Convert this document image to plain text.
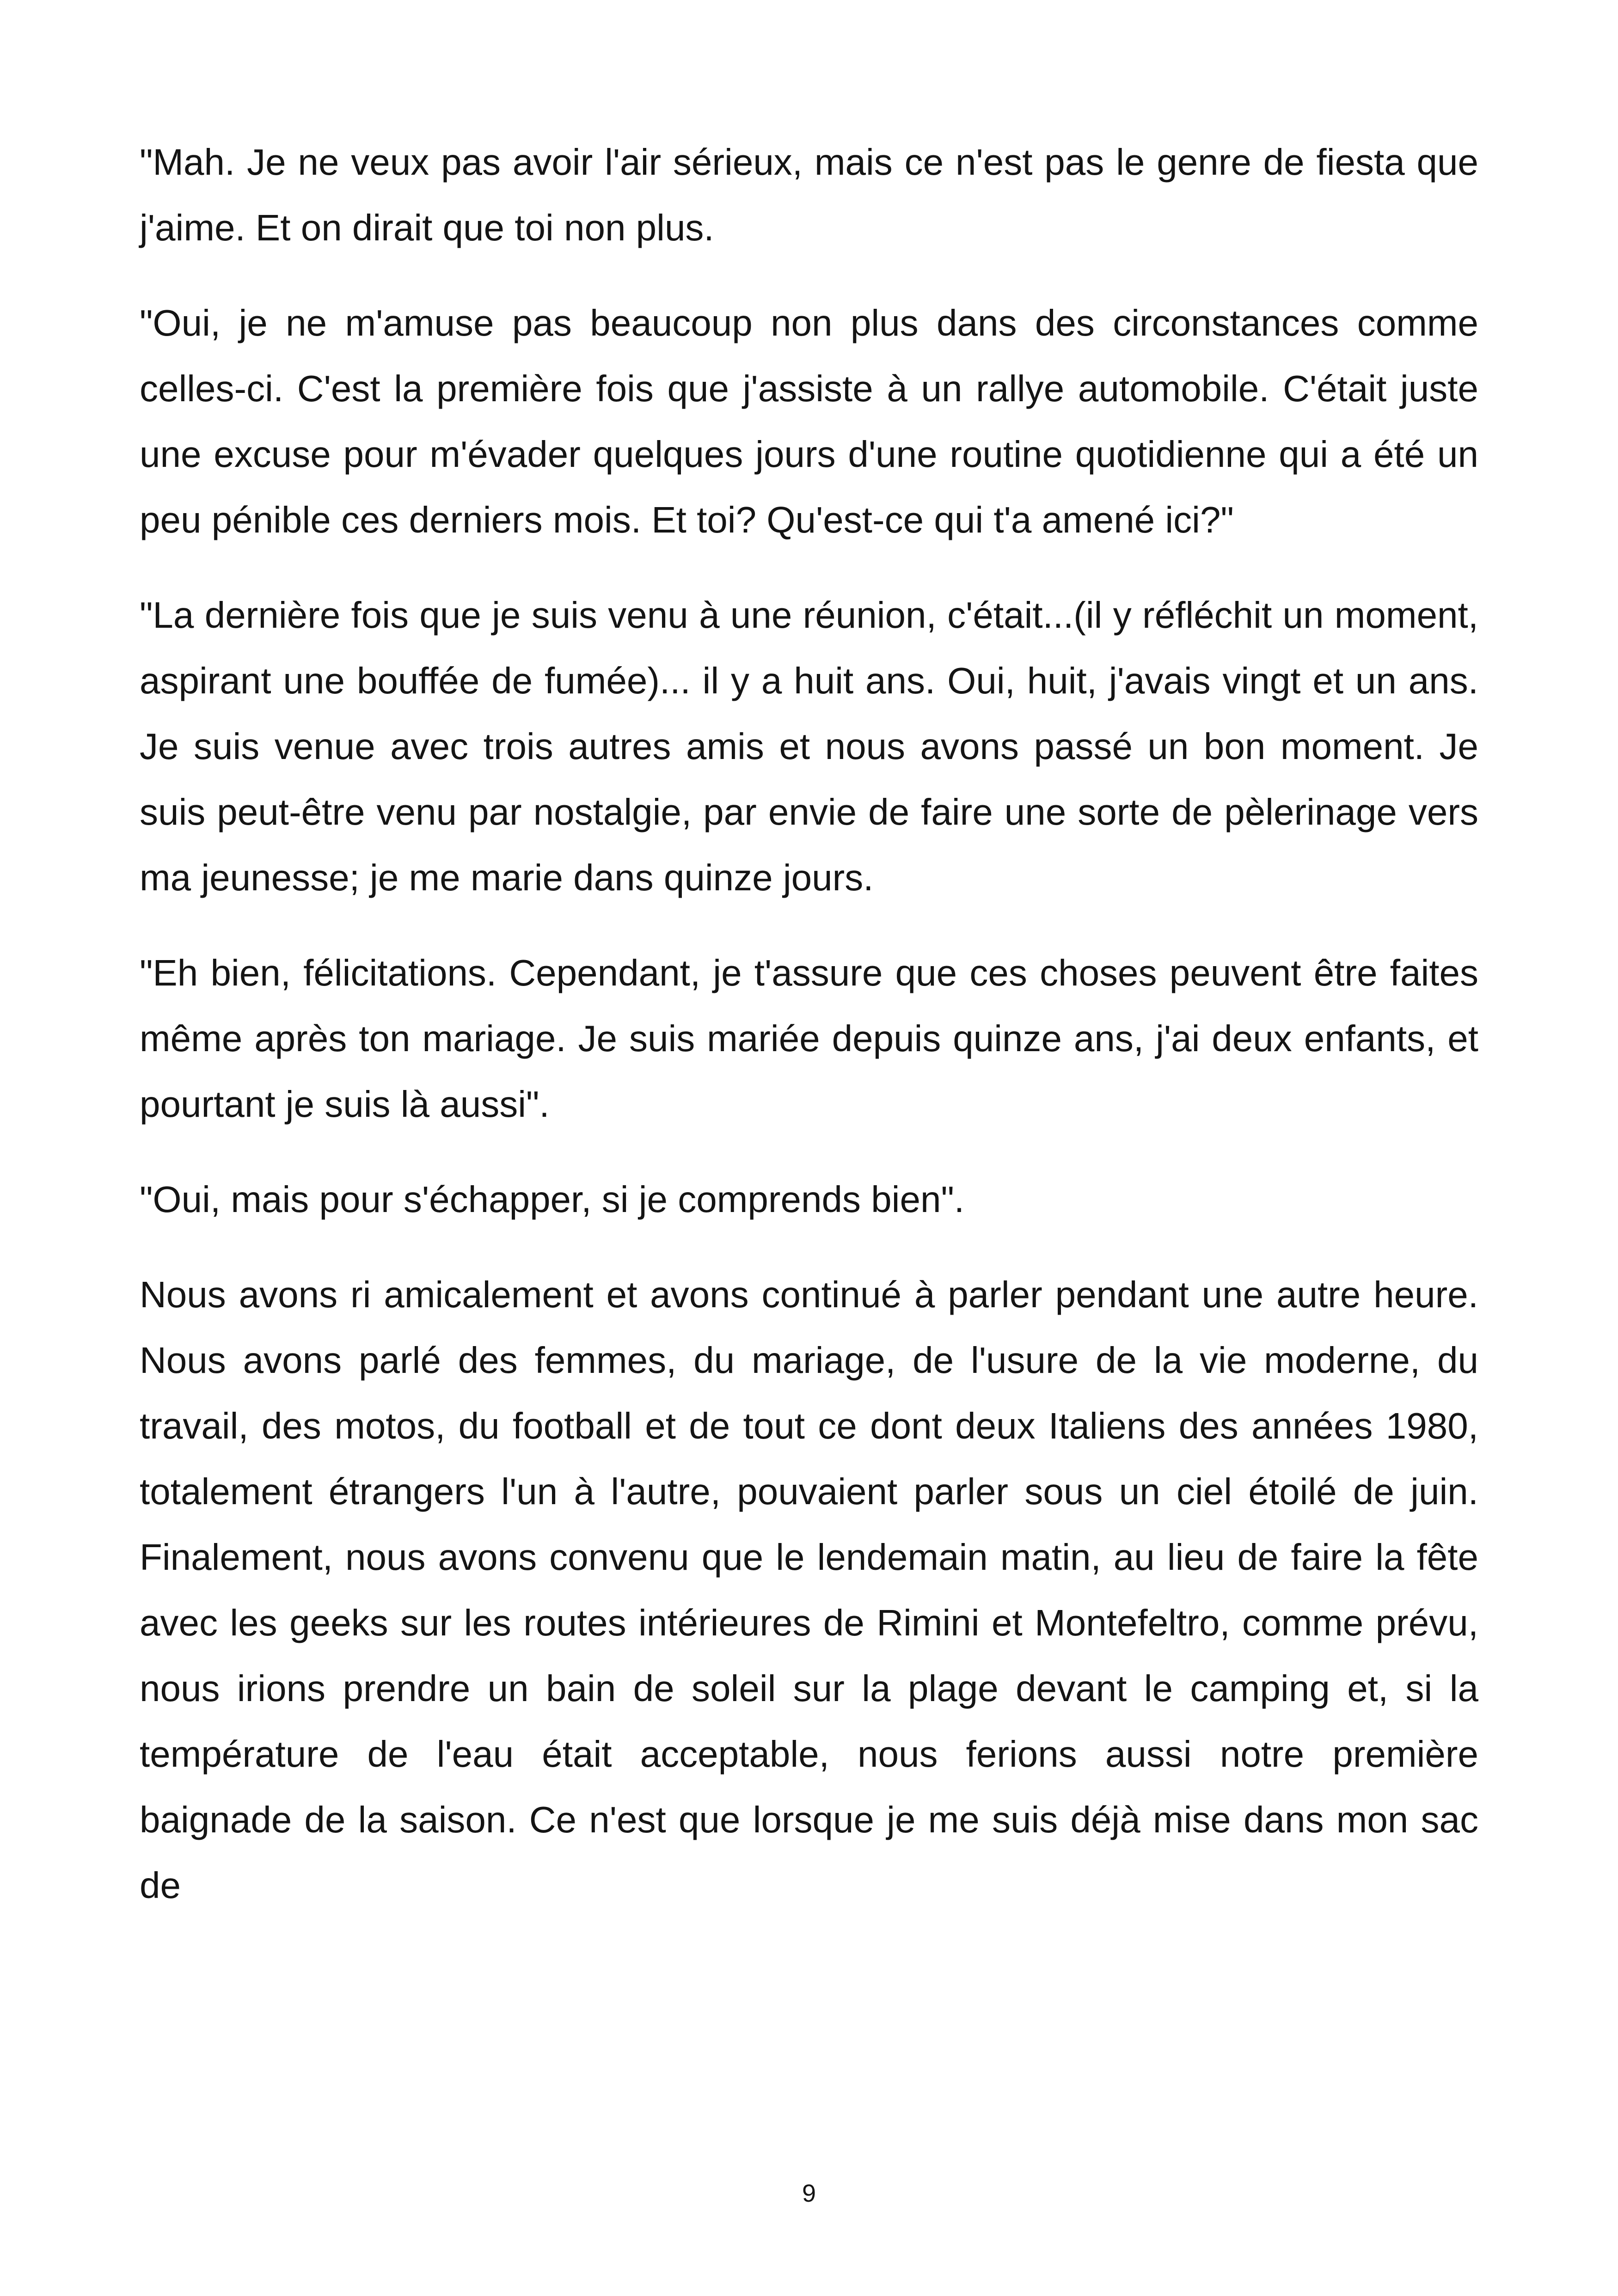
"Mah. Je ne veux pas avoir l'air sérieux, mais ce n'est pas le genre de fiesta que j'aime. Et on dirait que toi non plus.

"Oui, je ne m'amuse pas beaucoup non plus dans des circonstances comme celles-ci. C'est la première fois que j'assiste à un rallye automobile. C'était juste une excuse pour m'évader quelques jours d'une routine quotidienne qui a été un peu pénible ces derniers mois. Et toi? Qu'est-ce qui t'a amené ici?"

"La dernière fois que je suis venu à une réunion, c'était...(il y réfléchit un moment, aspirant une bouffée de fumée)... il y a huit ans. Oui, huit, j'avais vingt et un ans. Je suis venue avec trois autres amis et nous avons passé un bon moment. Je suis peut-être venu par nostalgie, par envie de faire une sorte de pèlerinage vers ma jeunesse; je me marie dans quinze jours.

"Eh bien, félicitations. Cependant, je t'assure que ces choses peuvent être faites même après ton mariage. Je suis mariée depuis quinze ans, j'ai deux enfants, et pourtant je suis là aussi".

"Oui, mais pour s'échapper, si je comprends bien".

Nous avons ri amicalement et avons continué à parler pendant une autre heure. Nous avons parlé des femmes, du mariage, de l'usure de la vie moderne, du travail, des motos, du football et de tout ce dont deux Italiens des années 1980, totalement étrangers l'un à l'autre, pouvaient parler sous un ciel étoilé de juin. Finalement, nous avons convenu que le lendemain matin, au lieu de faire la fête avec les geeks sur les routes intérieures de Rimini et Montefeltro, comme prévu, nous irions prendre un bain de soleil sur la plage devant le camping et, si la température de l'eau était acceptable, nous ferions aussi notre première baignade de la saison. Ce n'est que lorsque je me suis déjà mise dans mon sac de

9
